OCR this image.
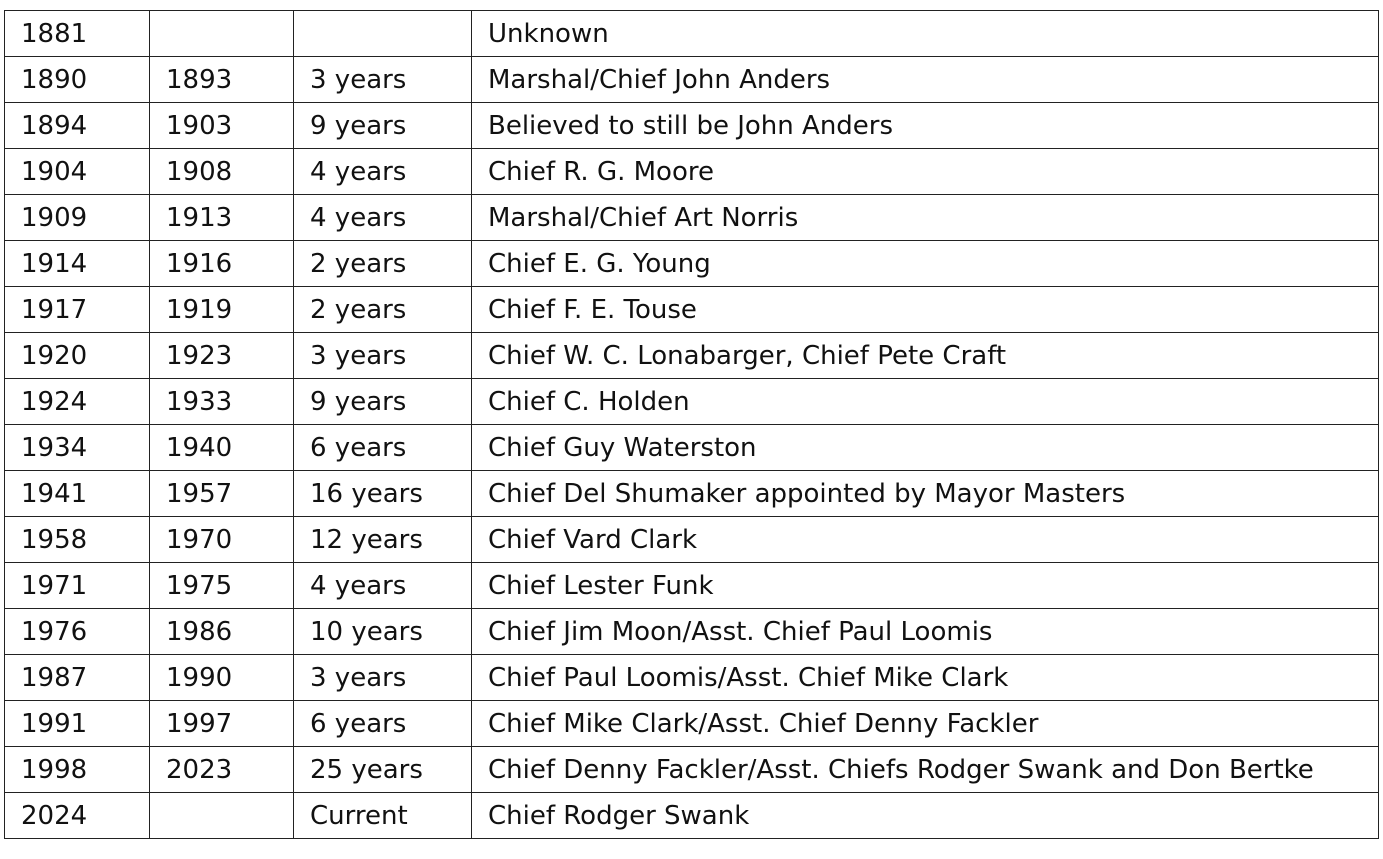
1881			Unknown
1890	1893	3 years	Marshal/Chief John Anders
1894	1903	9 years	Believed to still be John Anders
1904	1908	4 years	Chief R. G. Moore
1909	1913	4 years	Marshal/Chief Art Norris
1914	1916	2 years	Chief E. G. Young
1917	1919	2 years	Chief F. E. Touse
1920	1923	3 years	Chief W. C. Lonabarger, Chief Pete Craft
1924	1933	9 years	Chief C. Holden
1934	1940	6 years	Chief Guy Waterston
1941	1957	16 years	Chief Del Shumaker appointed by Mayor Masters
1958	1970	12 years	Chief Vard Clark
1971	1975	4 years	Chief Lester Funk
1976	1986	10 years	Chief Jim Moon/Asst. Chief Paul Loomis
1987	1990	3 years	Chief Paul Loomis/Asst. Chief Mike Clark
1991	1997	6 years	Chief Mike Clark/Asst. Chief Denny Fackler
1998	2023	25 years	Chief Denny Fackler/Asst. Chiefs Rodger Swank and Don Bertke
2024		Current	Chief Rodger Swank
